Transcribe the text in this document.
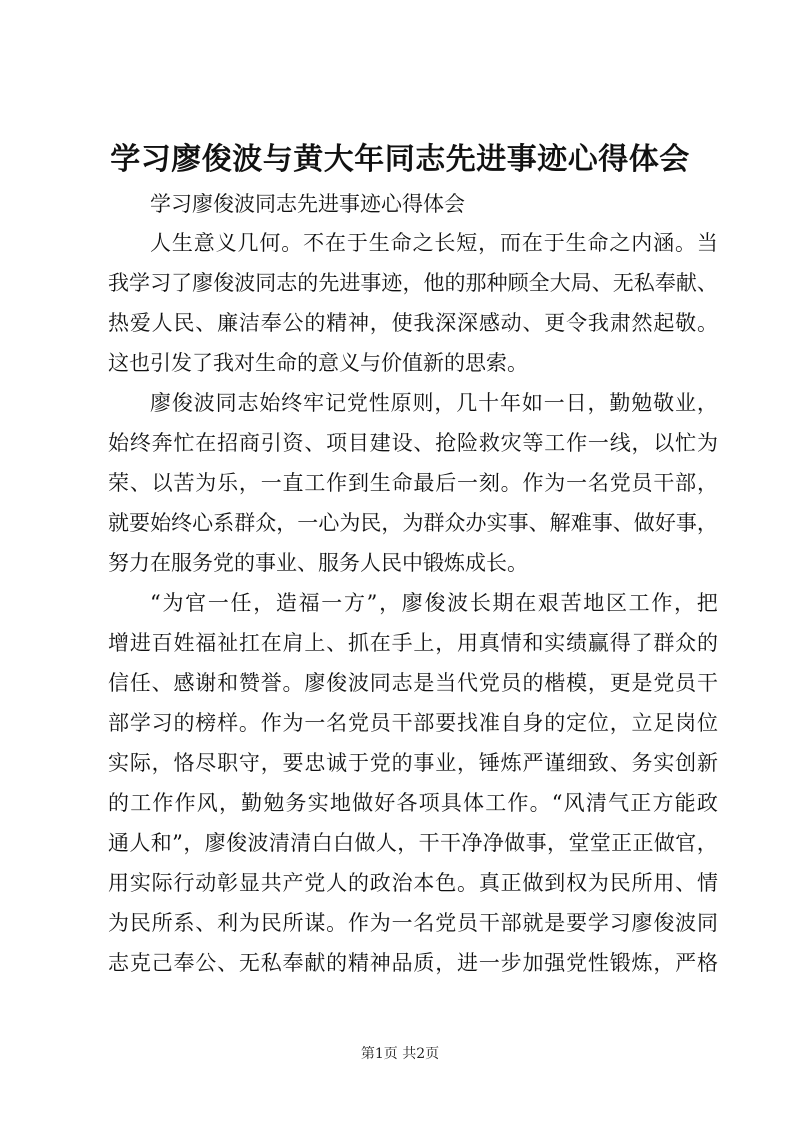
学习廖俊波与黄大年同志先进事迹心得体会
学习廖俊波同志先进事迹心得体会
人 生 意 义 几 何 。 不 在 于 生 命 之 长 短 ， 而 在 于 生 命 之 内 涵 。 当
我 学 习 了 廖 俊 波 同 志 的 先 进 事 迹 ， 他 的 那 种 顾 全 大 局 、 无 私 奉 献 、
热 爱 人 民 、 廉 洁 奉 公 的 精 神 ， 使 我 深 深 感 动 、 更 令 我 肃 然 起 敬 。
这也引发了我对生命的意义与价值新的思索。
廖 俊 波 同 志 始 终 牢 记 党 性 原 则 ， 几 十 年 如 一 日 ， 勤 勉 敬 业 ，
始 终 奔 忙 在 招 商 引 资 、 项 目 建 设 、 抢 险 救 灾 等 工 作 一 线 ， 以 忙 为
荣 、 以 苦 为 乐 ， 一 直 工 作 到 生 命 最 后 一 刻 。 作 为 一 名 党 员 干 部 ，
就 要 始 终 心 系 群 众 ， 一 心 为 民 ， 为 群 众 办 实 事 、 解 难 事 、 做 好 事 ，
努力在服务党的事业、服务人民中锻炼成长。
“ 为 官 一 任 ， 造 福 一 方 ” ， 廖 俊 波 长 期 在 艰 苦 地 区 工 作 ， 把
增 进 百 姓 福 祉 扛 在 肩 上 、 抓 在 手 上 ， 用 真 情 和 实 绩 赢 得 了 群 众 的
信 任 、 感 谢 和 赞 誉 。 廖 俊 波 同 志 是 当 代 党 员 的 楷 模 ， 更 是 党 员 干
部 学 习 的 榜 样 。 作 为 一 名 党 员 干 部 要 找 准 自 身 的 定 位 ， 立 足 岗 位
实 际 ， 恪 尽 职 守 ， 要 忠 诚 于 党 的 事 业 ， 锤 炼 严 谨 细 致 、 务 实 创 新
的 工 作 作 风 ， 勤 勉 务 实 地 做 好 各 项 具 体 工 作 。 “ 风 清 气 正 方 能 政
通 人 和 ” ， 廖 俊 波 清 清 白 白 做 人 ， 干 干 净 净 做 事 ， 堂 堂 正 正 做 官 ，
用 实 际 行 动 彰 显 共 产 党 人 的 政 治 本 色 。 真 正 做 到 权 为 民 所 用 、 情
为 民 所 系 、 利 为 民 所 谋 。 作 为 一 名 党 员 干 部 就 是 要 学 习 廖 俊 波 同
志 克 己 奉 公 、 无 私 奉 献 的 精 神 品 质 ， 进 一 步 加 强 党 性 锻 炼 ， 严 格
第1页 共2页
